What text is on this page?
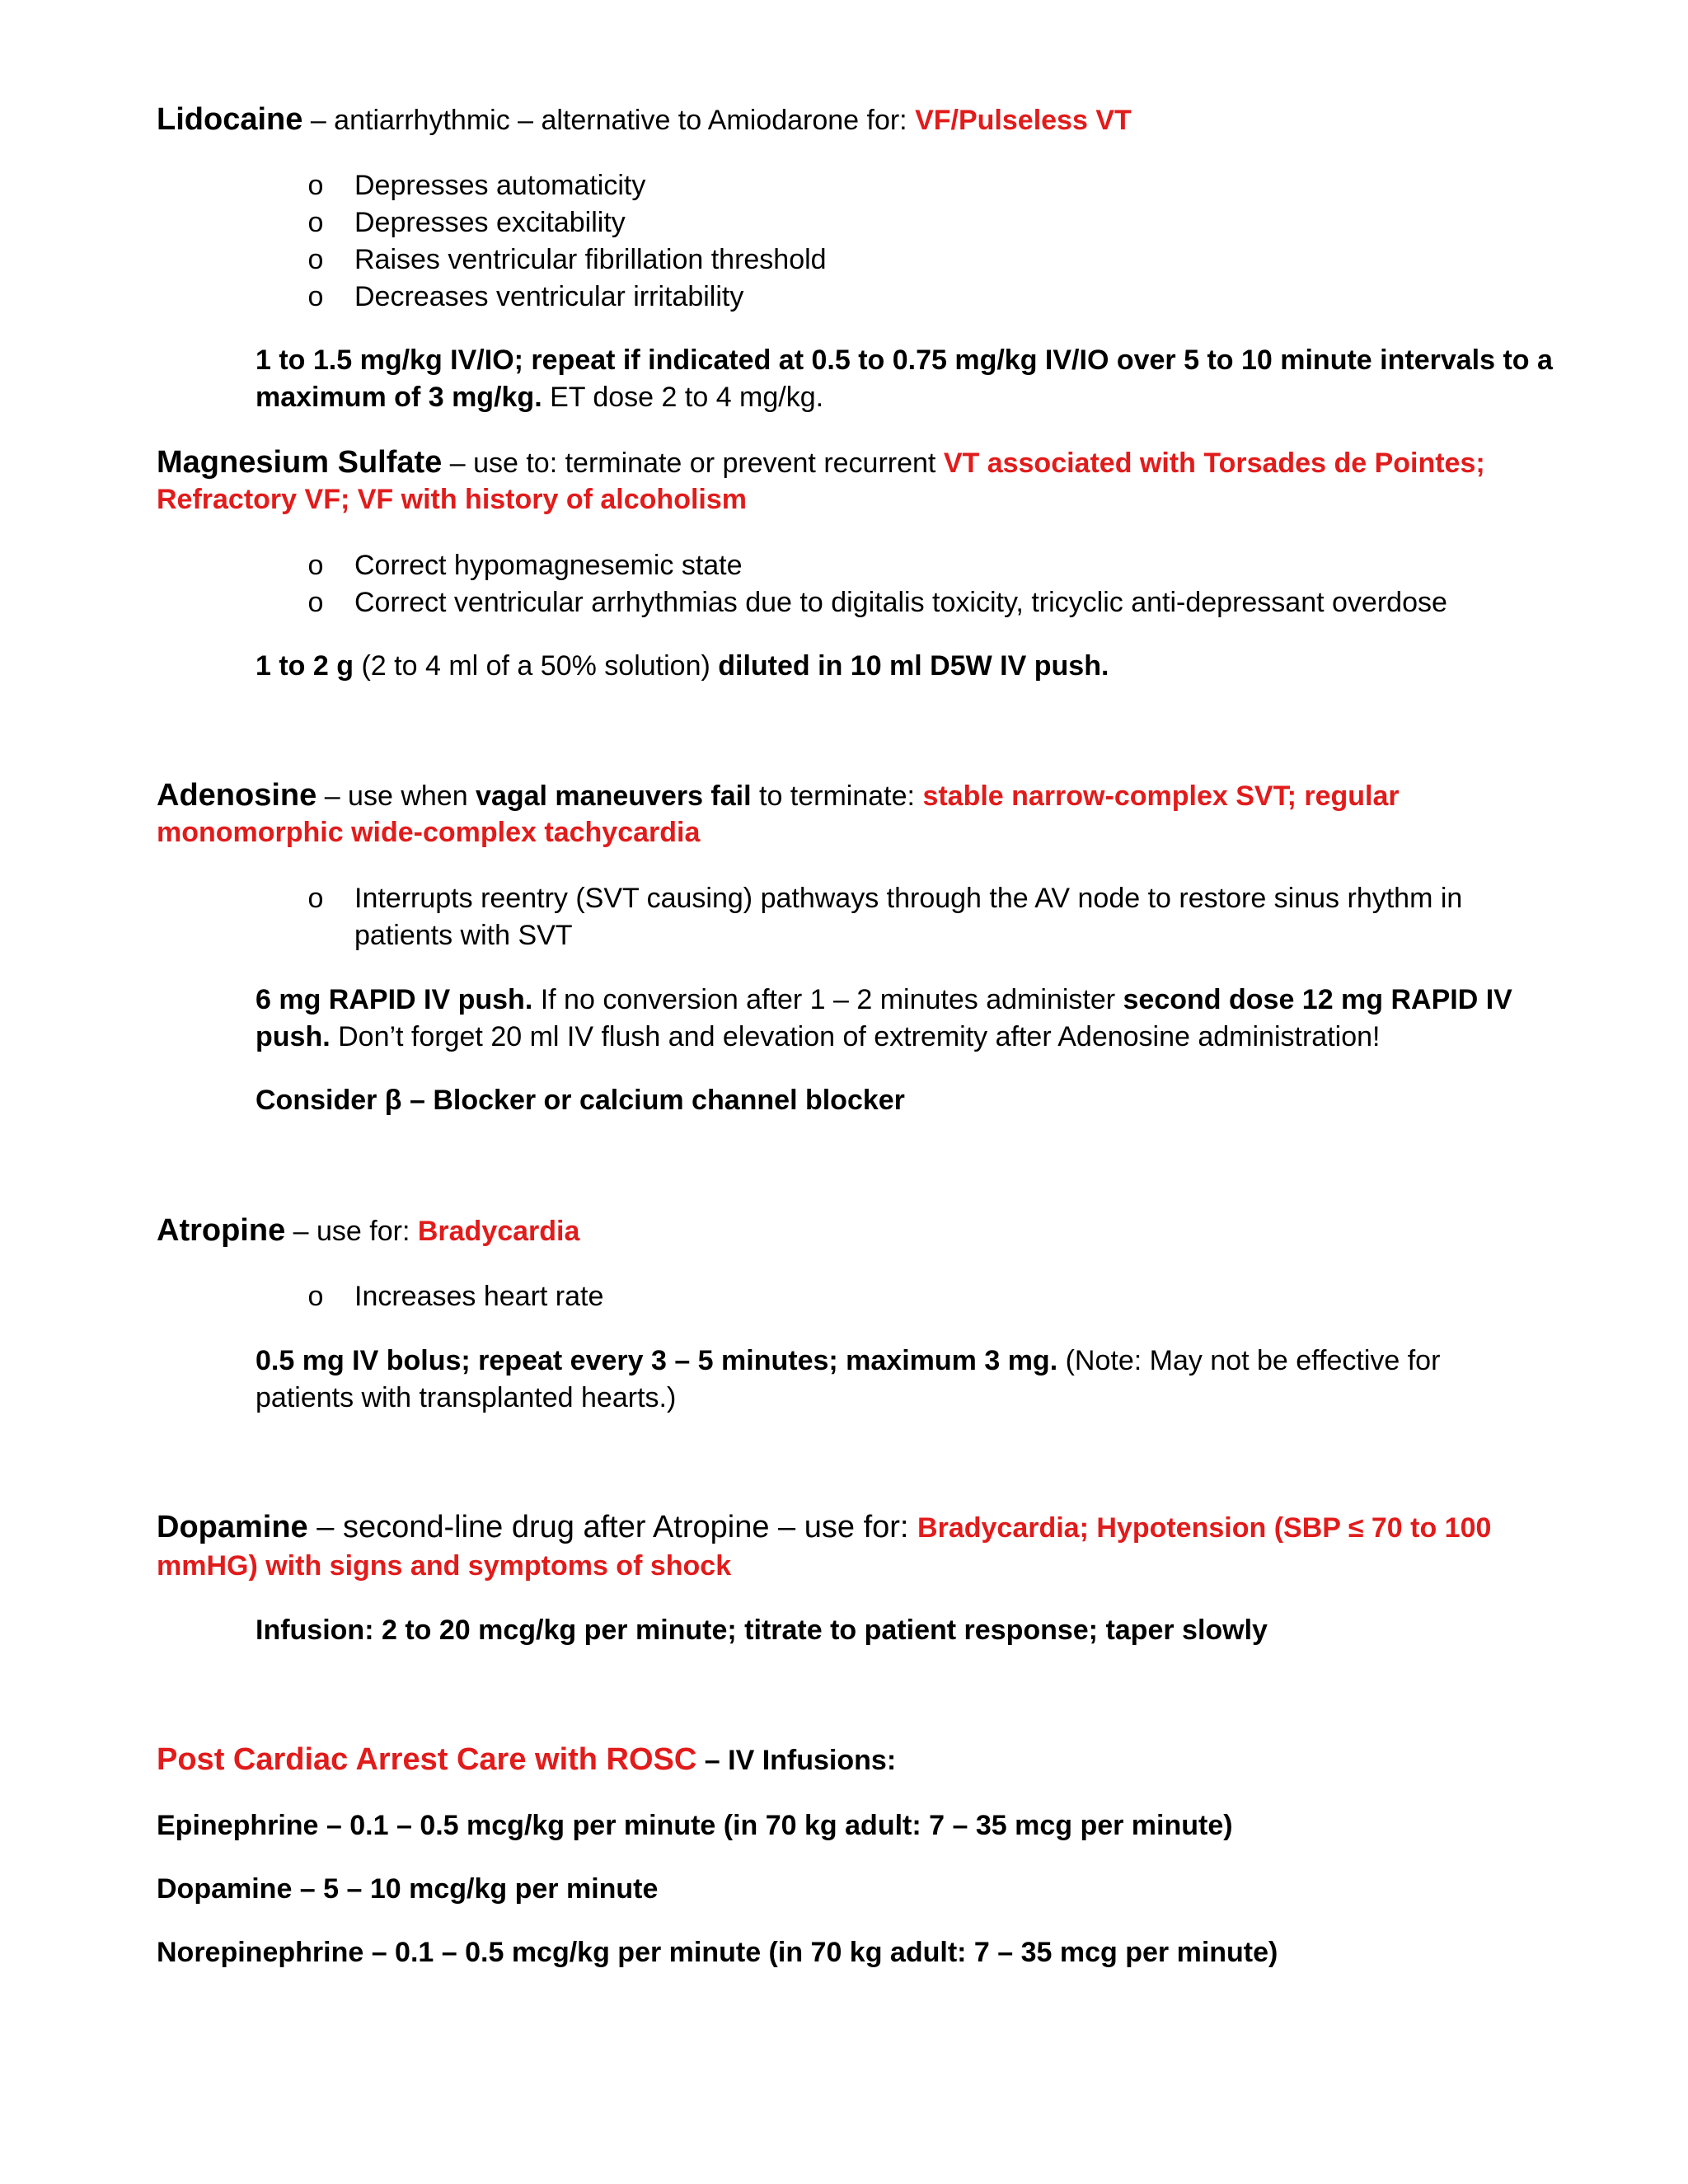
Lidocaine – antiarrhythmic – alternative to Amiodarone for: VF/Pulseless VT
o Depresses automaticity
o Depresses excitability
o Raises ventricular fibrillation threshold
o Decreases ventricular irritability
1 to 1.5 mg/kg IV/IO; repeat if indicated at 0.5 to 0.75 mg/kg IV/IO over 5 to 10 minute intervals to a
maximum of 3 mg/kg. ET dose 2 to 4 mg/kg.
Magnesium Sulfate – use to: terminate or prevent recurrent VT associated with Torsades de Pointes;
Refractory VF; VF with history of alcoholism
o Correct hypomagnesemic state
o Correct ventricular arrhythmias due to digitalis toxicity, tricyclic anti-depressant overdose
1 to 2 g (2 to 4 ml of a 50% solution) diluted in 10 ml D5W IV push.
Adenosine – use when vagal maneuvers fail to terminate: stable narrow-complex SVT; regular
monomorphic wide-complex tachycardia
o Interrupts reentry (SVT causing) pathways through the AV node to restore sinus rhythm in
patients with SVT
6 mg RAPID IV push. If no conversion after 1 – 2 minutes administer second dose 12 mg RAPID IV
push. Don’t forget 20 ml IV flush and elevation of extremity after Adenosine administration!
Consider β – Blocker or calcium channel blocker
Atropine – use for: Bradycardia
o Increases heart rate
0.5 mg IV bolus; repeat every 3 – 5 minutes; maximum 3 mg. (Note: May not be effective for
patients with transplanted hearts.)
Dopamine – second-line drug after Atropine – use for: Bradycardia; Hypotension (SBP ≤ 70 to 100
mmHG) with signs and symptoms of shock
Infusion: 2 to 20 mcg/kg per minute; titrate to patient response; taper slowly
Post Cardiac Arrest Care with ROSC – IV Infusions:
Epinephrine – 0.1 – 0.5 mcg/kg per minute (in 70 kg adult: 7 – 35 mcg per minute)
Dopamine – 5 – 10 mcg/kg per minute
Norepinephrine – 0.1 – 0.5 mcg/kg per minute (in 70 kg adult: 7 – 35 mcg per minute)
